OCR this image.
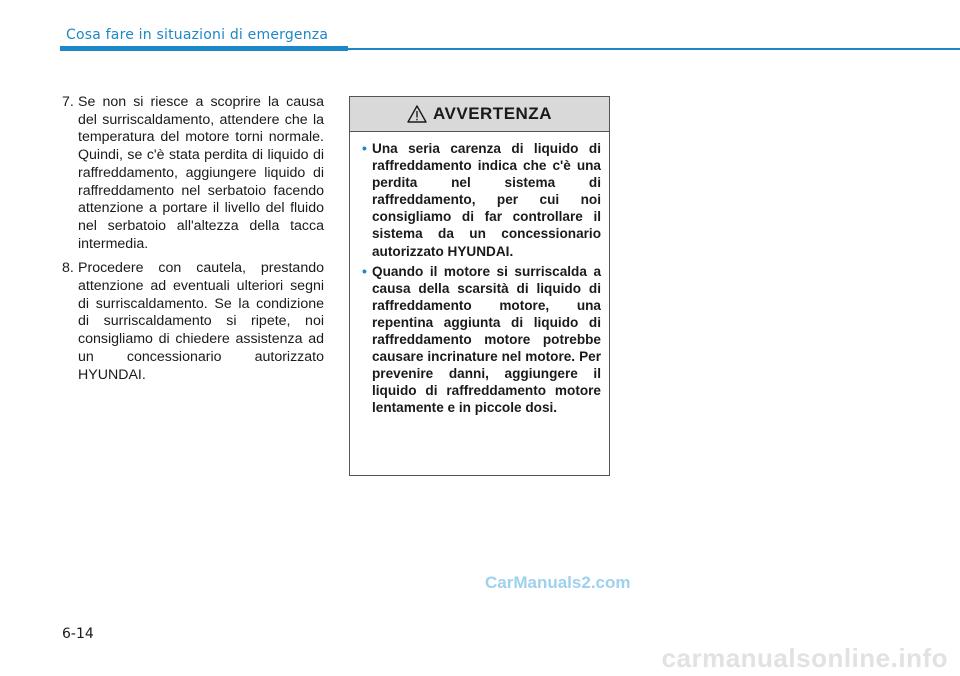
Cosa fare in situazioni di emergenza
7. Se non si riesce a scoprire la causa del surriscaldamento, attendere che la temperatura del motore torni normale. Quindi, se c'è stata perdita di liquido di raffreddamento, aggiungere liquido di raffreddamento nel serbatoio facendo attenzione a portare il livello del fluido nel serbatoio all'altezza della tacca intermedia.
8. Procedere con cautela, prestando attenzione ad eventuali ulteriori segni di surriscaldamento. Se la condizione di surriscaldamento si ripete, noi consigliamo di chiedere assistenza ad un concessionario autorizzato HYUNDAI.
AVVERTENZA
• Una seria carenza di liquido di raffreddamento indica che c'è una perdita nel sistema di raffreddamento, per cui noi consigliamo di far controllare il sistema da un concessionario autorizzato HYUNDAI.
• Quando il motore si surriscalda a causa della scarsità di liquido di raffreddamento motore, una repentina aggiunta di liquido di raffreddamento motore potrebbe causare incrinature nel motore. Per prevenire danni, aggiungere il liquido di raffreddamento motore lentamente e in piccole dosi.
CarManuals2.com
6-14
carmanualsonline.info
